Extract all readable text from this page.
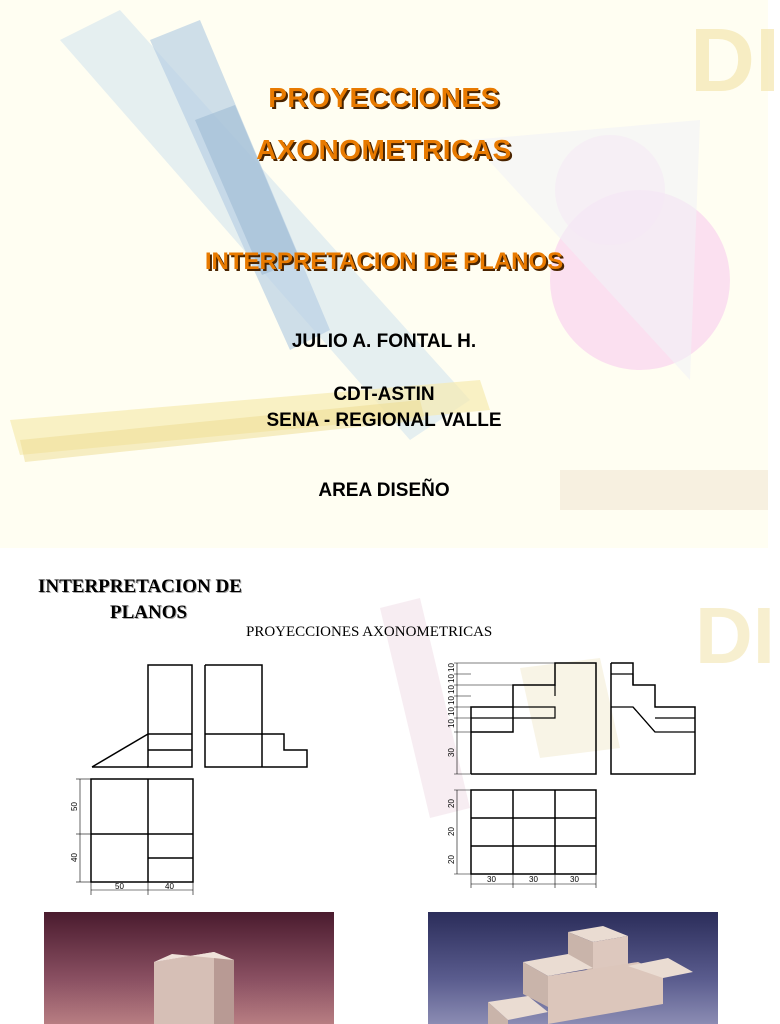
DI
PROYECCIONES
AXONOMETRICAS
INTERPRETACION DE PLANOS
JULIO A. FONTAL H.
CDT-ASTIN
SENA - REGIONAL VALLE
AREA DISEÑO
DI
INTERPRETACION DE
PLANOS
PROYECCIONES AXONOMETRICAS
50
40
50	40
10
10
10
10
10
10
30
20
20
20
30	30	30
